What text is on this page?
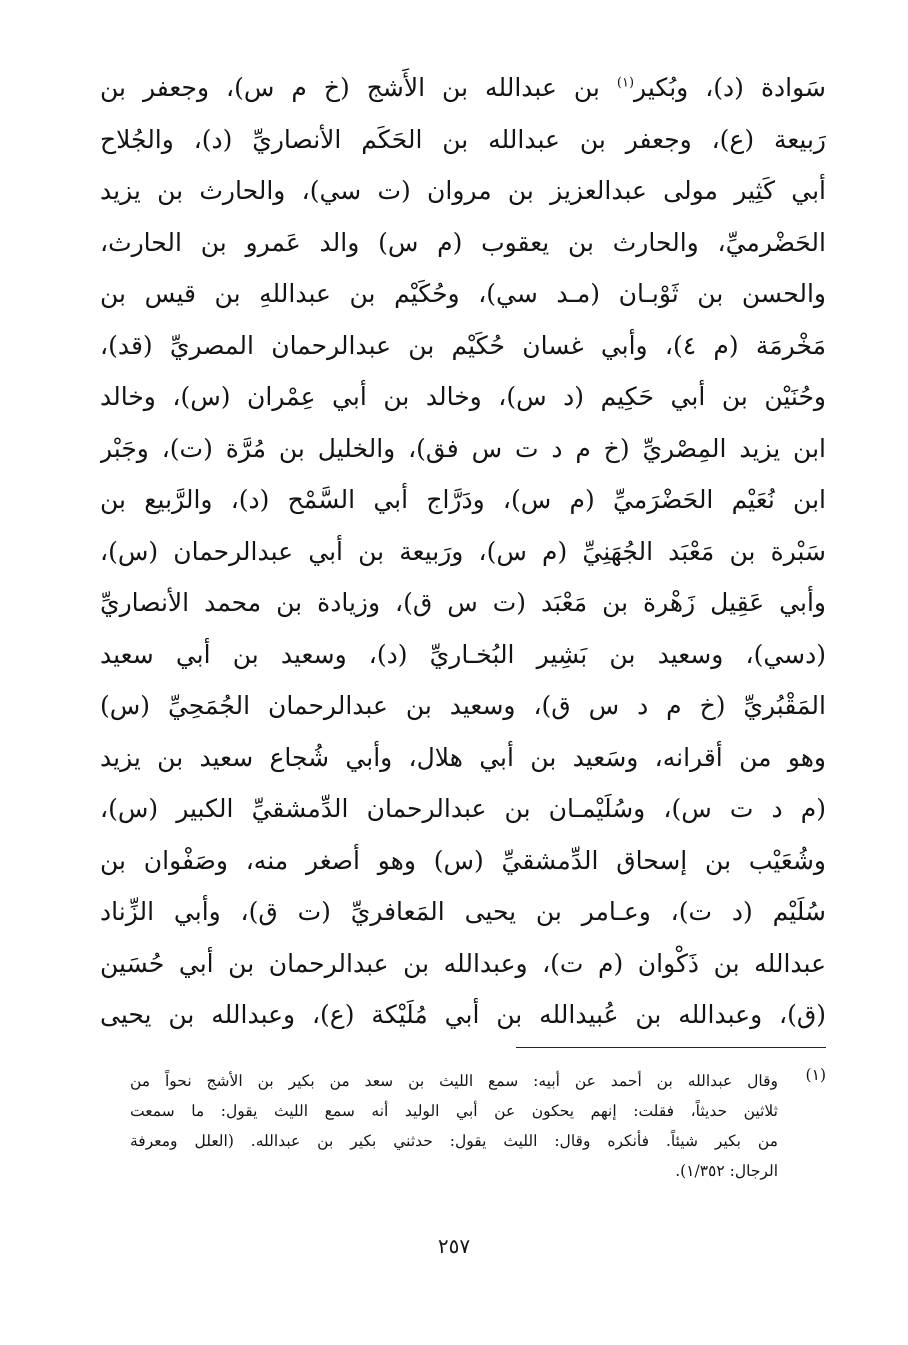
سَوادة (د)، وبُكير$^{(١)}$ بن عبدالله بن الأَشج (خ م س)، وجعفر بن
رَبيعة (ع)، وجعفر بن عبدالله بن الحَكَم الأنصاريِّ (د)، والجُلاح
أبي كَثِير مولى عبدالعزيز بن مروان (ت سي)، والحارث بن يزيد
الحَضْرميِّ، والحارث بن يعقوب (م س) والد عَمرو بن الحارث،
والحسن بن ثَوْبـان (مـد سي)، وحُكَيْم بن عبداللهِ بن قيس بن
مَخْرمَة (م ٤)، وأبي غسان حُكَيْم بن عبدالرحمان المصريِّ (قد)،
وحُنَيْن بن أبي حَكِيم (د س)، وخالد بن أبي عِمْران (س)، وخالد
ابن يزيد المِصْريِّ (خ م د ت س فق)، والخليل بن مُرَّة (ت)، وجَبْر
ابن نُعَيْم الحَضْرَميِّ (م س)، ودَرَّاج أبي السَّمْح (د)، والرَّبيع بن
سَبْرة بن مَعْبَد الجُهَنِيِّ (م س)، ورَبيعة بن أبي عبدالرحمان (س)،
وأبي عَقِيل زَهْرة بن مَعْبَد (ت س ق)، وزيادة بن محمد الأنصاريِّ
(دسي)، وسعيد بن بَشِير البُخـاريِّ (د)، وسعيد بن أبي سعيد
المَقْبُريِّ (خ م د س ق)، وسعيد بن عبدالرحمان الجُمَحِيِّ (س)
وهو من أقرانه، وسَعيد بن أبي هلال، وأبي شُجاع سعيد بن يزيد
(م د ت س)، وسُلَيْمـان بن عبدالرحمان الدِّمشقيِّ الكبير (س)،
وشُعَيْب بن إسحاق الدِّمشقيِّ (س) وهو أصغر منه، وصَفْوان بن
سُلَيْم (د ت)، وعـامر بن يحيى المَعافريِّ (ت ق)، وأبي الزِّناد
عبدالله بن ذَكْوان (م ت)، وعبدالله بن عبدالرحمان بن أبي حُسَين
(ق)، وعبدالله بن عُبيدالله بن أبي مُلَيْكة (ع)، وعبدالله بن يحيى
(١)
وقال عبدالله بن أحمد عن أبيه: سمع الليث بن سعد من بكير بن الأشج نحواً من
ثلاثين حديثاً، فقلت: إنهم يحكون عن أبي الوليد أنه سمع الليث يقول: ما سمعت
من بكير شيئاً. فأنكره وقال: الليث يقول: حدثني بكير بن عبدالله. (العلل ومعرفة
الرجال: ١/٣٥٢).
٢٥٧
